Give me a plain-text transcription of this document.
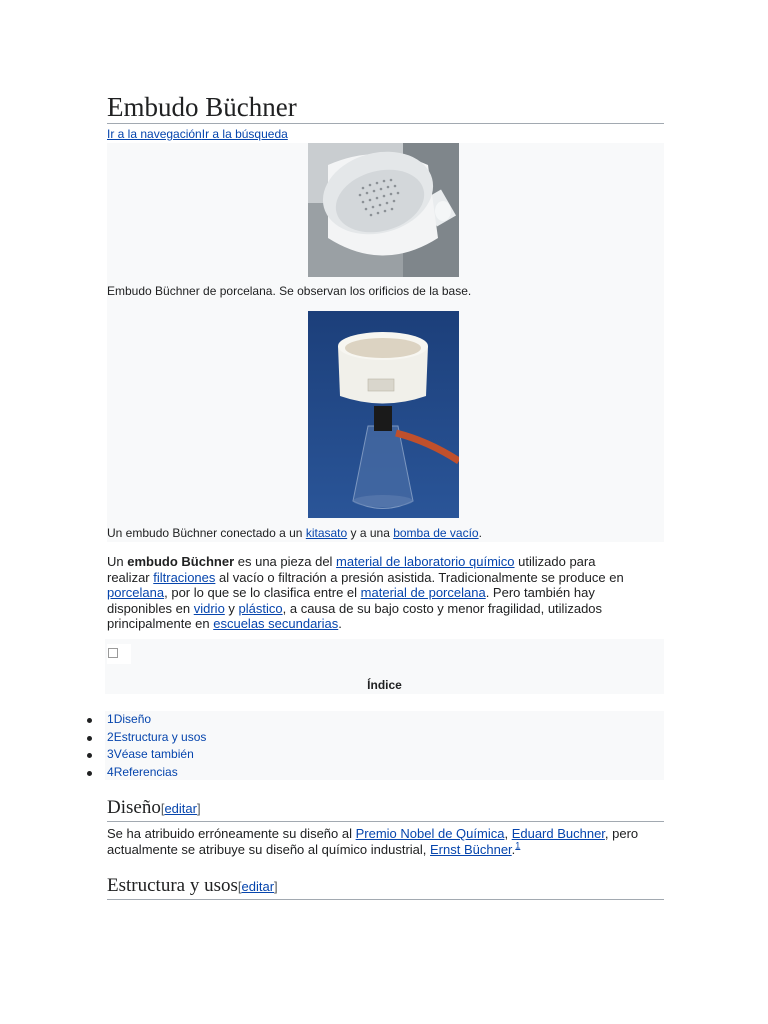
Embudo Büchner
Ir a la navegaciónIr a la búsqueda
Embudo Büchner de porcelana. Se observan los orificios de la base.
Un embudo Büchner conectado a un kitasato y a una bomba de vacío.

Un embudo Büchner es una pieza del material de laboratorio químico utilizado para realizar filtraciones al vacío o filtración a presión asistida. Tradicionalmente se produce en porcelana, por lo que se lo clasifica entre el material de porcelana. Pero también hay disponibles en vidrio y plástico, a causa de su bajo costo y menor fragilidad, utilizados principalmente en escuelas secundarias.

Índice
1Diseño
2Estructura y usos
3Véase también
4Referencias
Diseño[editar]

Se ha atribuido erróneamente su diseño al Premio Nobel de Química, Eduard Buchner, pero actualmente se atribuye su diseño al químico industrial, Ernst Büchner.$^1$

Estructura y usos[editar]
